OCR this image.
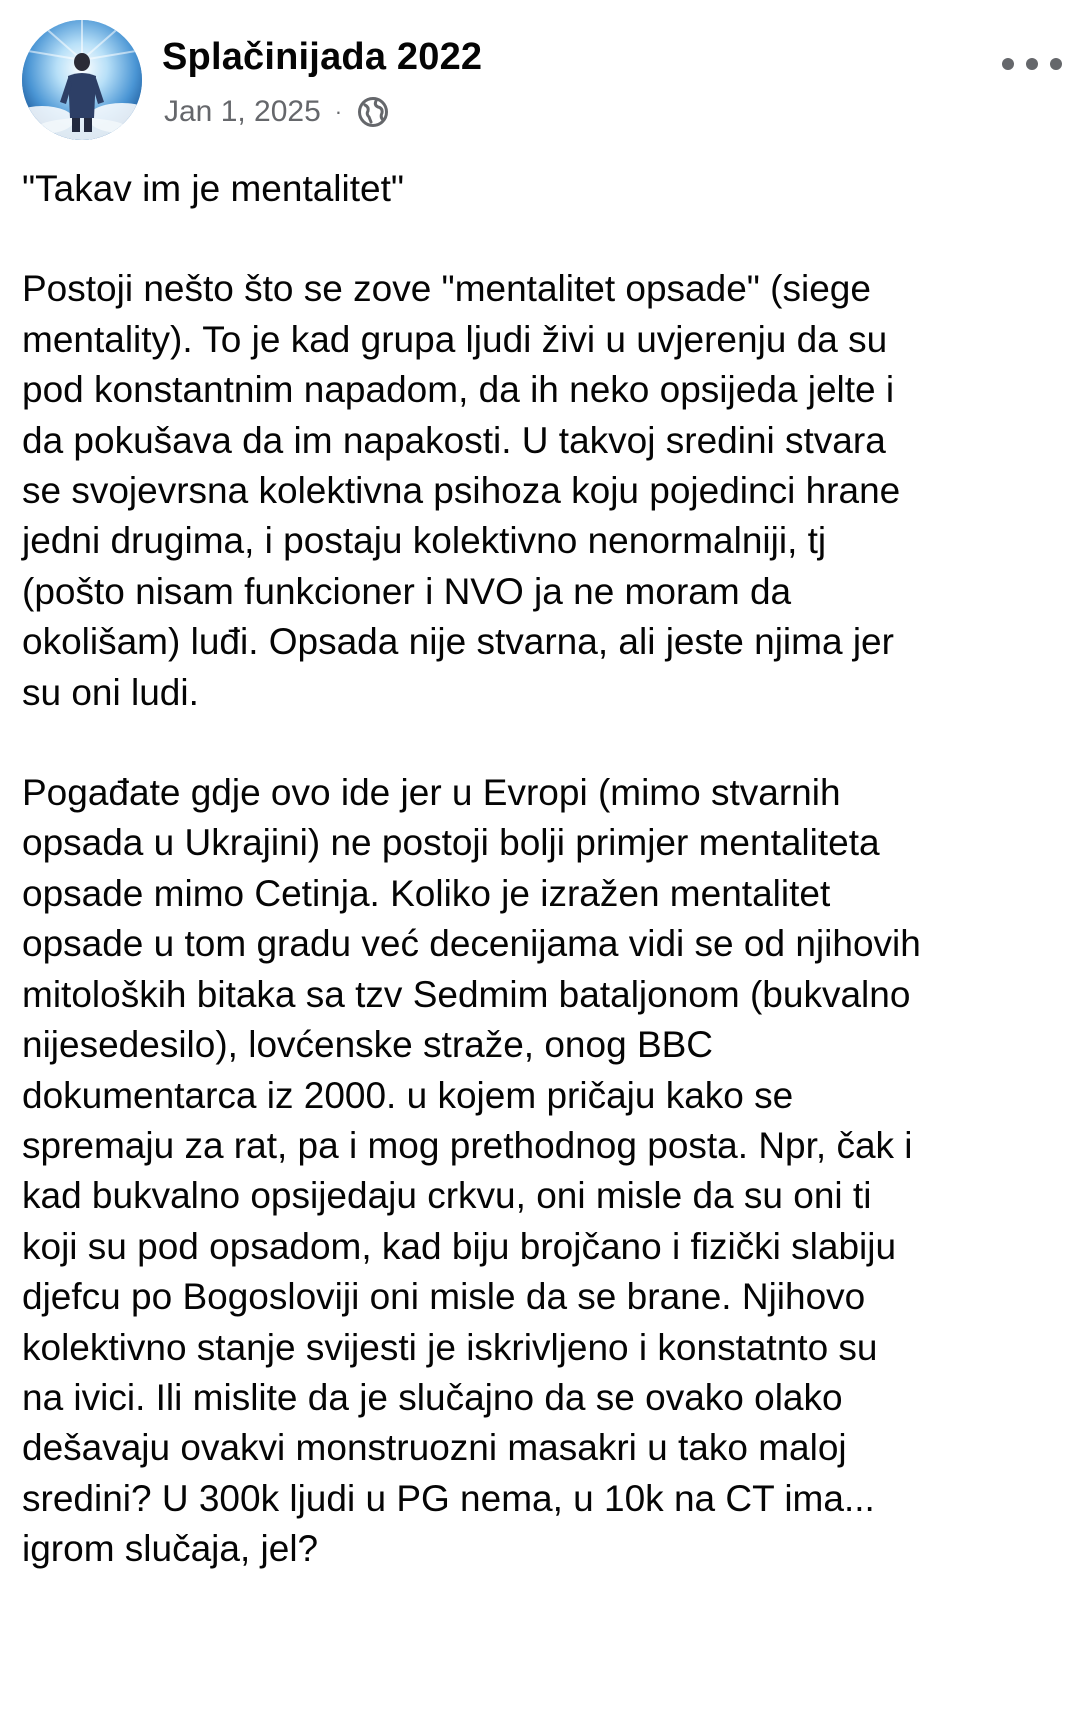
Splačinijada 2022
Jan 1, 2025 ·

"Takav im je mentalitet"

Postoji nešto što se zove "mentalitet opsade" (siege
mentality). To je kad grupa ljudi živi u uvjerenju da su
pod konstantnim napadom, da ih neko opsijeda jelte i
da pokušava da im napakosti. U takvoj sredini stvara
se svojevrsna kolektivna psihoza koju pojedinci hrane
jedni drugima, i postaju kolektivno nenormalniji, tj
(pošto nisam funkcioner i NVO ja ne moram da
okolišam) luđi. Opsada nije stvarna, ali jeste njima jer
su oni ludi.

Pogađate gdje ovo ide jer u Evropi (mimo stvarnih
opsada u Ukrajini) ne postoji bolji primjer mentaliteta
opsade mimo Cetinja. Koliko je izražen mentalitet
opsade u tom gradu već decenijama vidi se od njihovih
mitoloških bitaka sa tzv Sedmim bataljonom (bukvalno
nijesedesilo), lovćenske straže, onog BBC
dokumentarca iz 2000. u kojem pričaju kako se
spremaju za rat, pa i mog prethodnog posta. Npr, čak i
kad bukvalno opsijedaju crkvu, oni misle da su oni ti
koji su pod opsadom, kad biju brojčano i fizički slabiju
djefcu po Bogosloviji oni misle da se brane. Njihovo
kolektivno stanje svijesti je iskrivljeno i konstatnto su
na ivici. Ili mislite da je slučajno da se ovako olako
dešavaju ovakvi monstruozni masakri u tako maloj
sredini? U 300k ljudi u PG nema, u 10k na CT ima...
igrom slučaja, jel?
